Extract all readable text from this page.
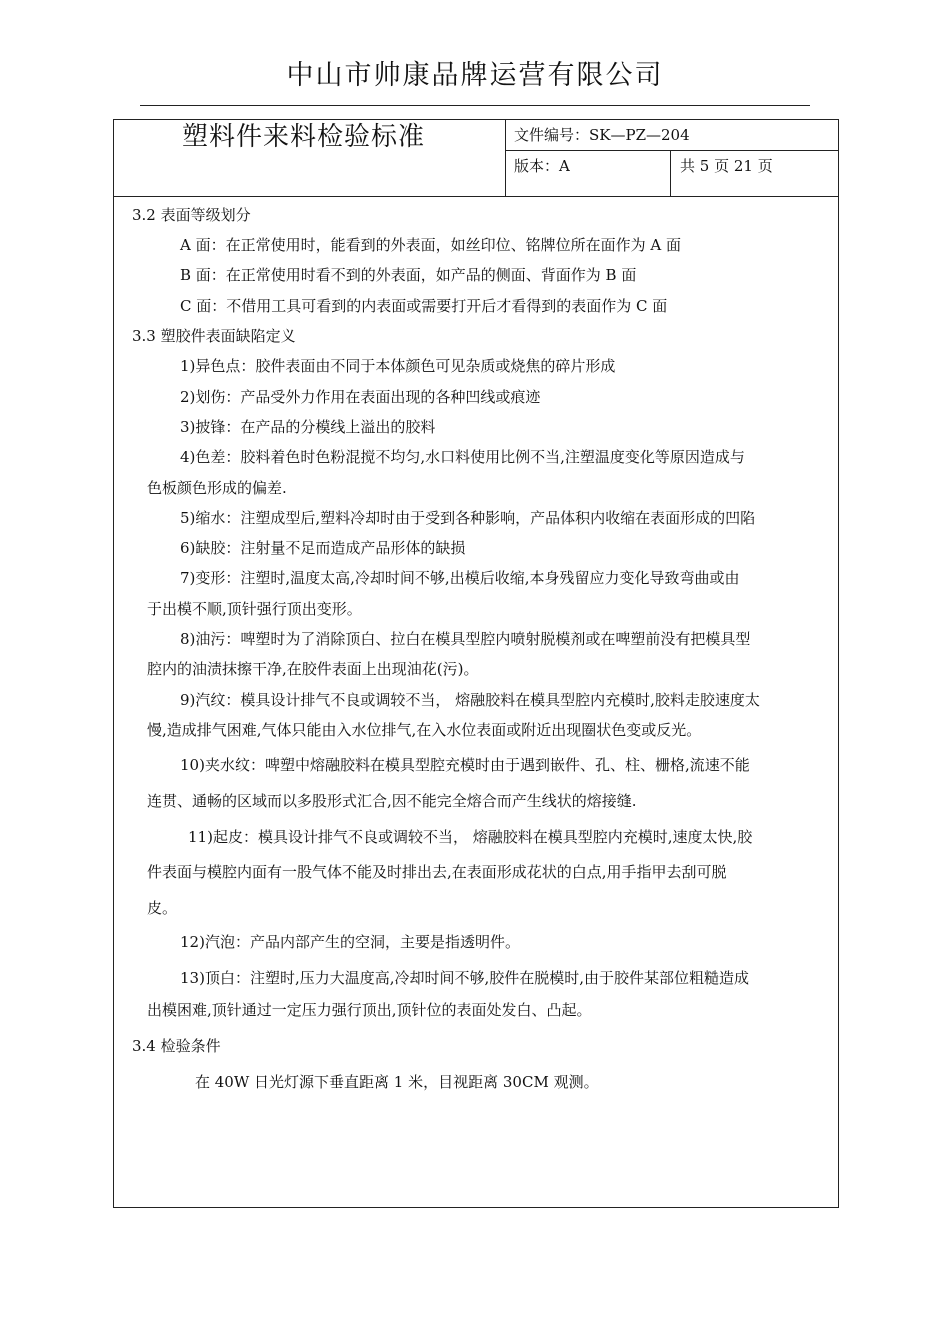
中山市帅康品牌运营有限公司
塑料件来料检验标准	文件编号：SK—PZ—204
版本：A	共 5 页 21 页
3.2 表面等级划分
A 面：在正常使用时，能看到的外表面，如丝印位、铭牌位所在面作为 A 面
B 面：在正常使用时看不到的外表面，如产品的侧面、背面作为 B 面
C 面：不借用工具可看到的内表面或需要打开后才看得到的表面作为 C 面
3.3 塑胶件表面缺陷定义
1)异色点：胶件表面由不同于本体颜色可见杂质或烧焦的碎片形成
2)划伤：产品受外力作用在表面出现的各种凹线或痕迹
3)披锋：在产品的分模线上溢出的胶料
4)色差：胶料着色时色粉混搅不均匀,水口料使用比例不当,注塑温度变化等原因造成与
色板颜色形成的偏差.
5)缩水：注塑成型后,塑料冷却时由于受到各种影响，产品体积内收缩在表面形成的凹陷
6)缺胶：注射量不足而造成产品形体的缺损
7)变形：注塑时,温度太高,冷却时间不够,出模后收缩,本身残留应力变化导致弯曲或由
于出模不顺,顶针强行顶出变形。
8)油污：啤塑时为了消除顶白、拉白在模具型腔内喷射脱模剂或在啤塑前没有把模具型
腔内的油渍抹擦干净,在胶件表面上出现油花(污)。
9)汽纹：模具设计排气不良或调较不当， 熔融胶料在模具型腔内充模时,胶料走胶速度太
慢,造成排气困难,气体只能由入水位排气,在入水位表面或附近出现圈状色变或反光。
10)夹水纹：啤塑中熔融胶料在模具型腔充模时由于遇到嵌件、孔、柱、栅格,流速不能
连贯、通畅的区域而以多股形式汇合,因不能完全熔合而产生线状的熔接缝.
11)起皮：模具设计排气不良或调较不当， 熔融胶料在模具型腔内充模时,速度太快,胶
件表面与模腔内面有一股气体不能及时排出去,在表面形成花状的白点,用手指甲去刮可脱
皮。
12)汽泡：产品内部产生的空洞，主要是指透明件。
13)顶白：注塑时,压力大温度高,冷却时间不够,胶件在脱模时,由于胶件某部位粗糙造成
出模困难,顶针通过一定压力强行顶出,顶针位的表面处发白、凸起。
3.4 检验条件
在 40W 日光灯源下垂直距离 1 米，目视距离 30CM 观测。
